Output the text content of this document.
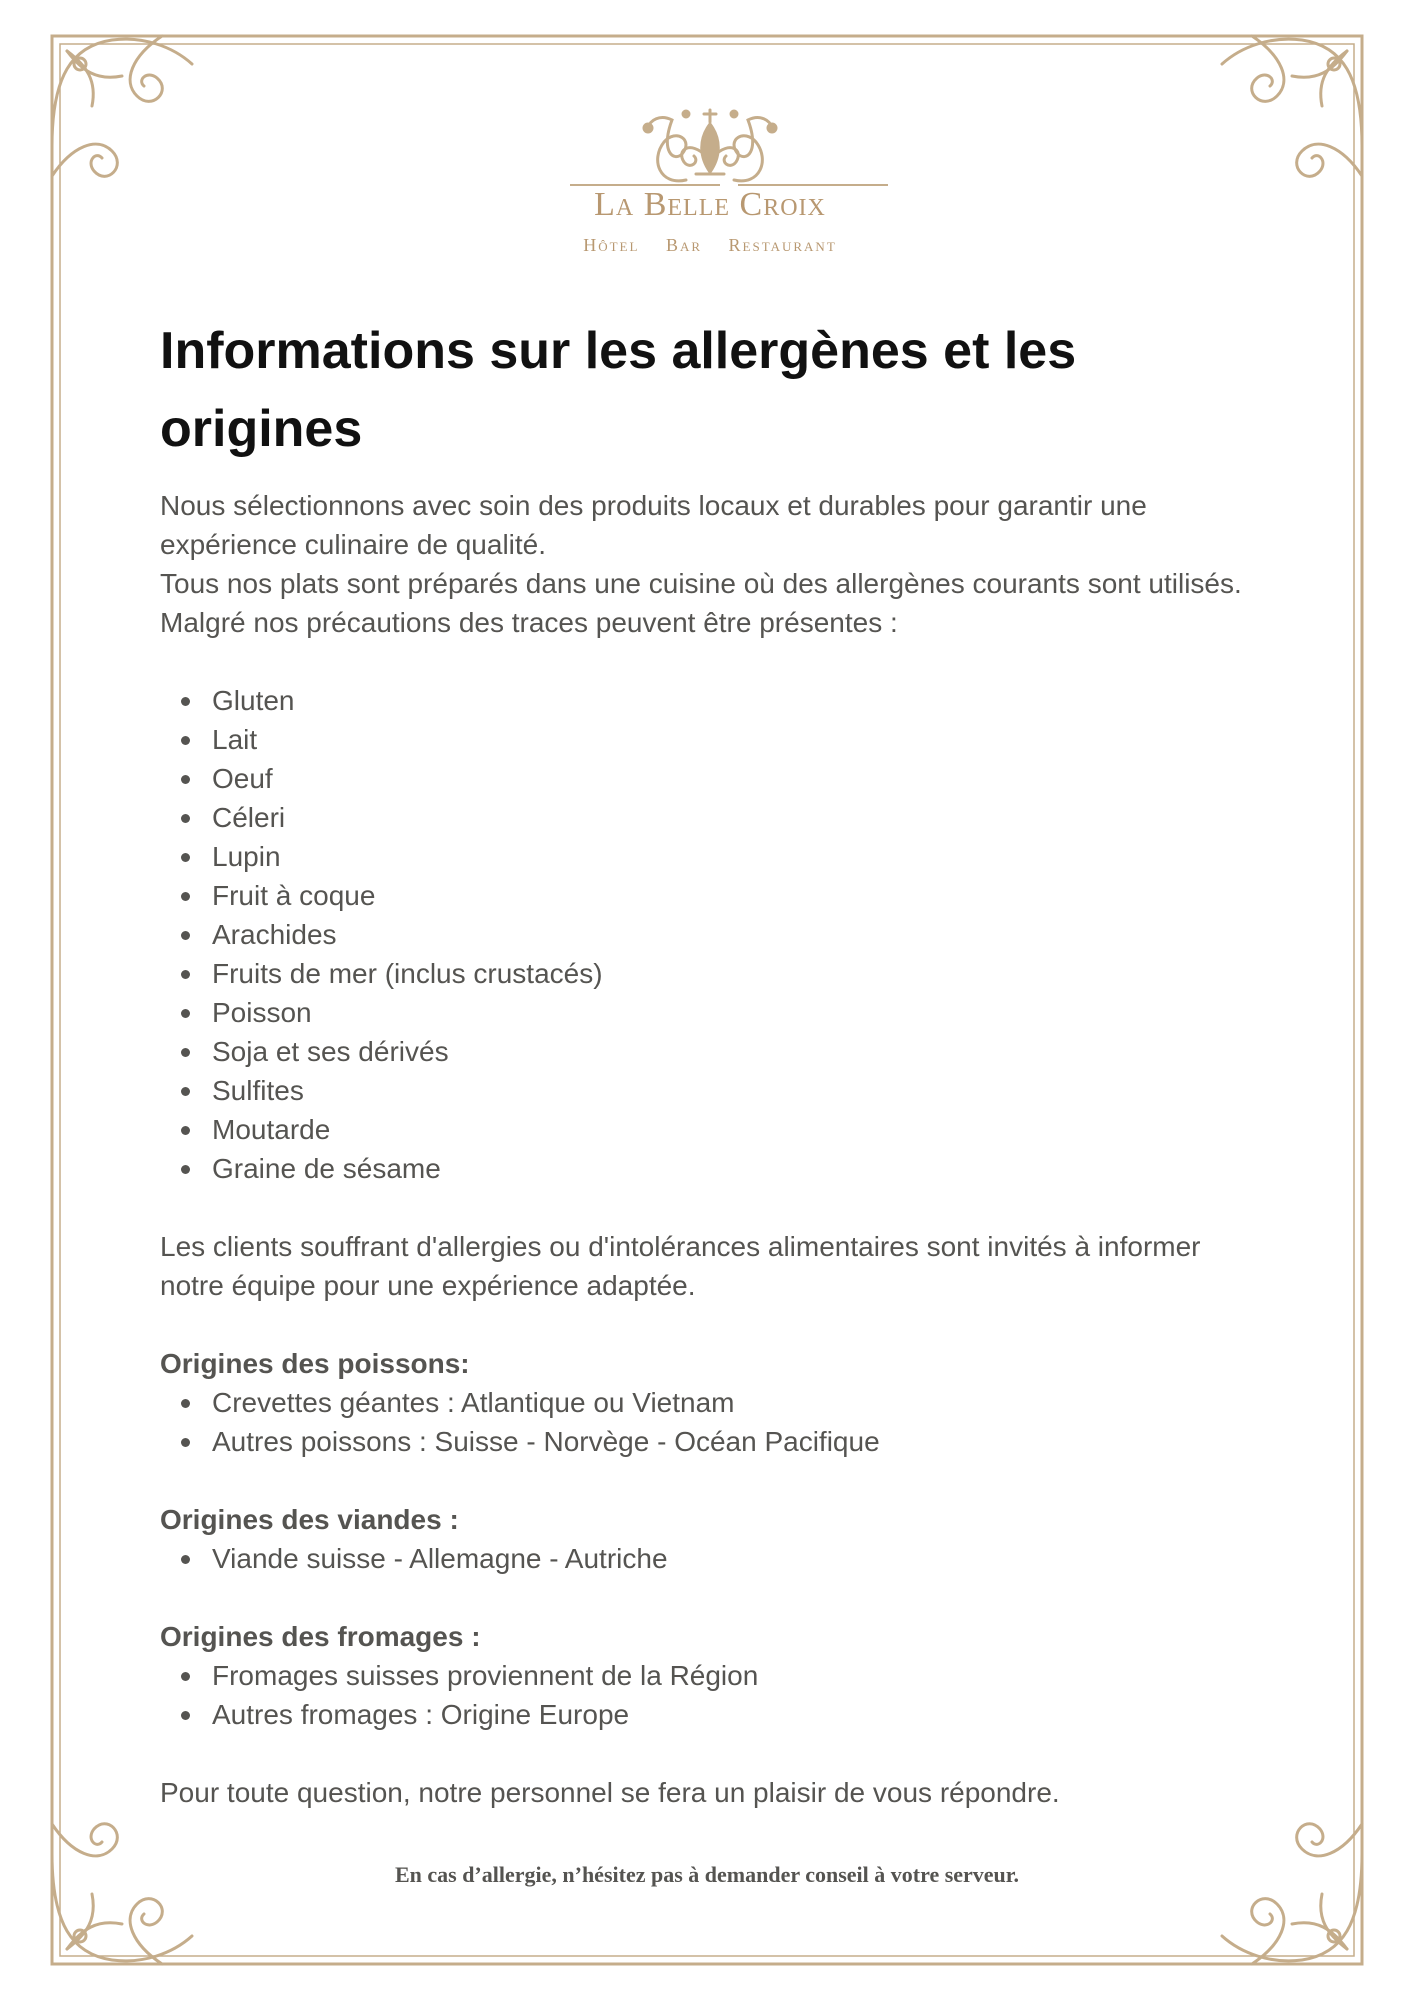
La Belle Croix
Hôtel Bar Restaurant
Informations sur les allergènes et les origines

Nous sélectionnons avec soin des produits locaux et durables pour garantir une expérience culinaire de qualité.

Tous nos plats sont préparés dans une cuisine où des allergènes courants sont utilisés. Malgré nos précautions des traces peuvent être présentes :

Gluten
Lait
Oeuf
Céleri
Lupin
Fruit à coque
Arachides
Fruits de mer (inclus crustacés)
Poisson
Soja et ses dérivés
Sulfites
Moutarde
Graine de sésame

Les clients souffrant d'allergies ou d'intolérances alimentaires sont invités à informer notre équipe pour une expérience adaptée.

Origines des poissons:

Crevettes géantes : Atlantique ou Vietnam
Autres poissons : Suisse - Norvège - Océan Pacifique

Origines des viandes :

Viande suisse - Allemagne - Autriche

Origines des fromages :

Fromages suisses proviennent de la Région
Autres fromages : Origine Europe

Pour toute question, notre personnel se fera un plaisir de vous répondre.

En cas d’allergie, n’hésitez pas à demander conseil à votre serveur.
